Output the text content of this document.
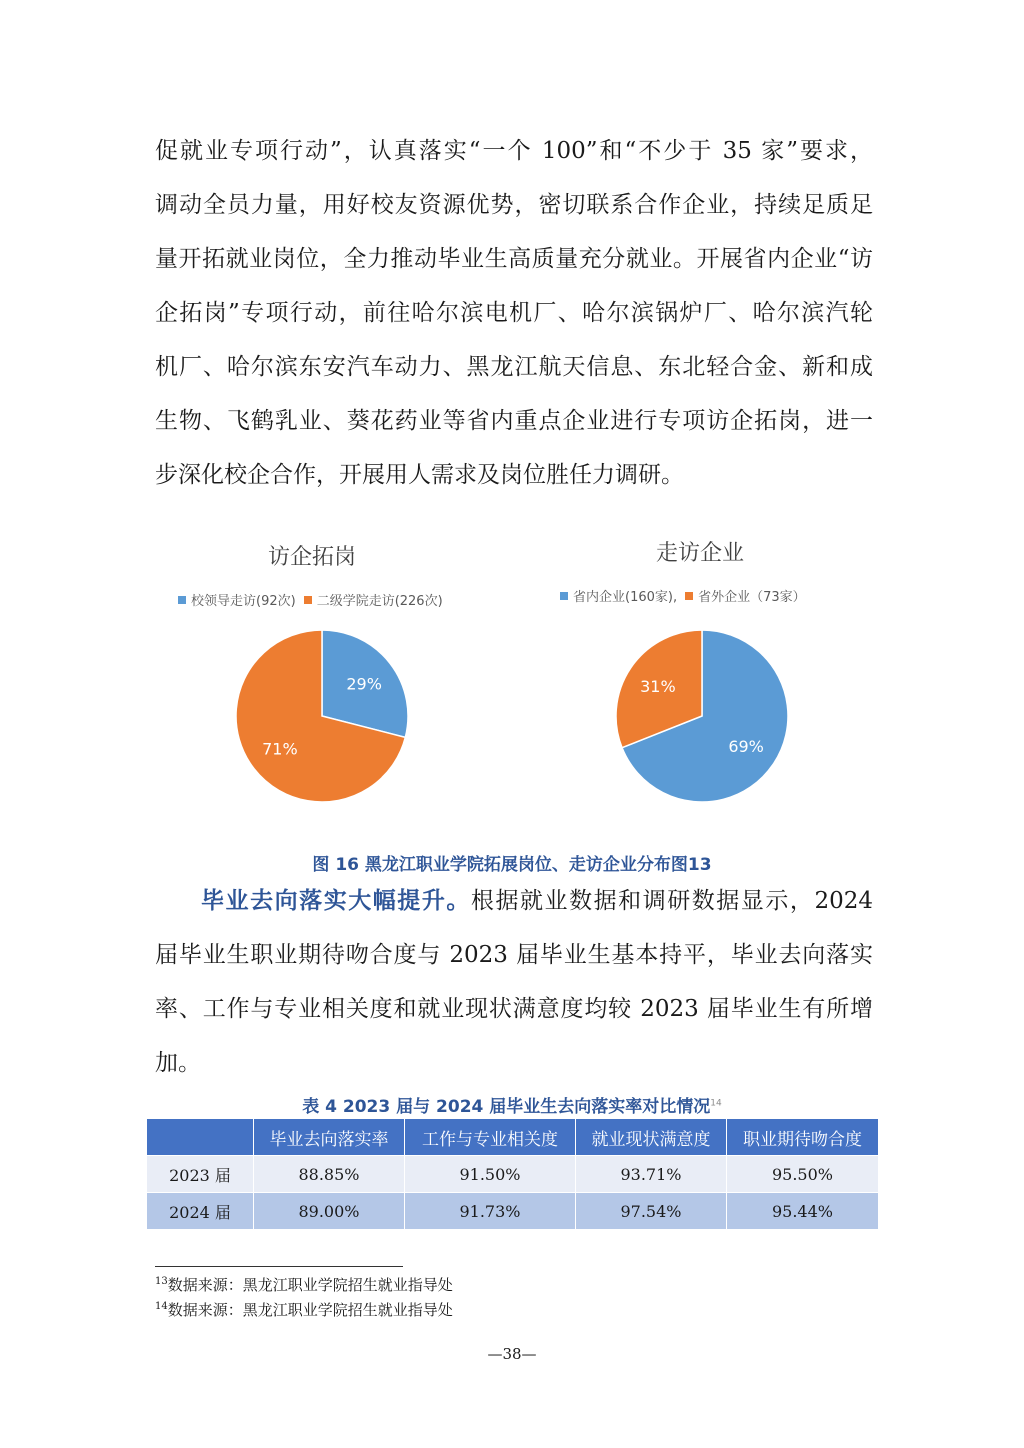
促就业专项行动”，认真落实“一个 100”和“不少于 35 家”要求，
调动全员力量，用好校友资源优势，密切联系合作企业，持续足质足
量开拓就业岗位，全力推动毕业生高质量充分就业。开展省内企业“访
企拓岗”专项行动，前往哈尔滨电机厂、哈尔滨锅炉厂、哈尔滨汽轮
机厂、哈尔滨东安汽车动力、黑龙江航天信息、东北轻合金、新和成
生物、飞鹤乳业、葵花药业等省内重点企业进行专项访企拓岗，进一
步深化校企合作，开展用人需求及岗位胜任力调研。
访企拓岗
校领导走访(92次) 二级学院走访(226次)
29%
71%
走访企业
省内企业(160家), 省外企业（73家）
69%
31%
图 16 黑龙江职业学院拓展岗位、走访企业分布图13
毕业去向落实大幅提升。根据就业数据和调研数据显示，2024
届毕业生职业期待吻合度与 2023 届毕业生基本持平，毕业去向落实
率、工作与专业相关度和就业现状满意度均较 2023 届毕业生有所增
加。
表 4 2023 届与 2024 届毕业生去向落实率对比情况$^{14}$
	毕业去向落实率	工作与专业相关度	就业现状满意度	职业期待吻合度
2023 届	88.85%	91.50%	93.71%	95.50%
2024 届	89.00%	91.73%	97.54%	95.44%
$^{13}$数据来源：黑龙江职业学院招生就业指导处
$^{14}$数据来源：黑龙江职业学院招生就业指导处
—38—
